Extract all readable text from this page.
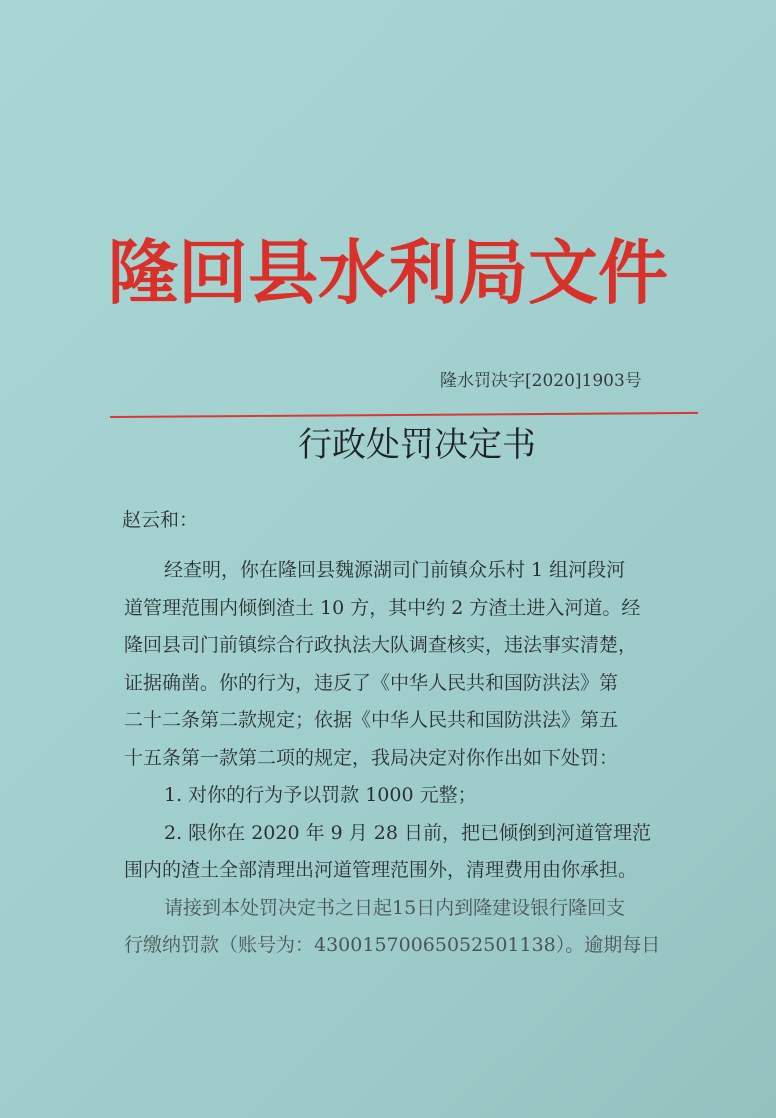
隆回县水利局文件
隆水罚决字[2020]1903号
行政处罚决定书
赵云和：

经查明，你在隆回县魏源湖司门前镇众乐村 1 组河段河

道管理范围内倾倒渣土 10 方，其中约 2 方渣土进入河道。经

隆回县司门前镇综合行政执法大队调查核实，违法事实清楚，

证据确凿。你的行为，违反了《中华人民共和国防洪法》第

二十二条第二款规定；依据《中华人民共和国防洪法》第五

十五条第一款第二项的规定，我局决定对你作出如下处罚：

1. 对你的行为予以罚款 1000 元整；

2. 限你在 2020 年 9 月 28 日前，把已倾倒到河道管理范

围内的渣土全部清理出河道管理范围外，清理费用由你承担。

请接到本处罚决定书之日起15日内到隆建设银行隆回支

行缴纳罚款（账号为：43001570065052501138）。逾期每日
